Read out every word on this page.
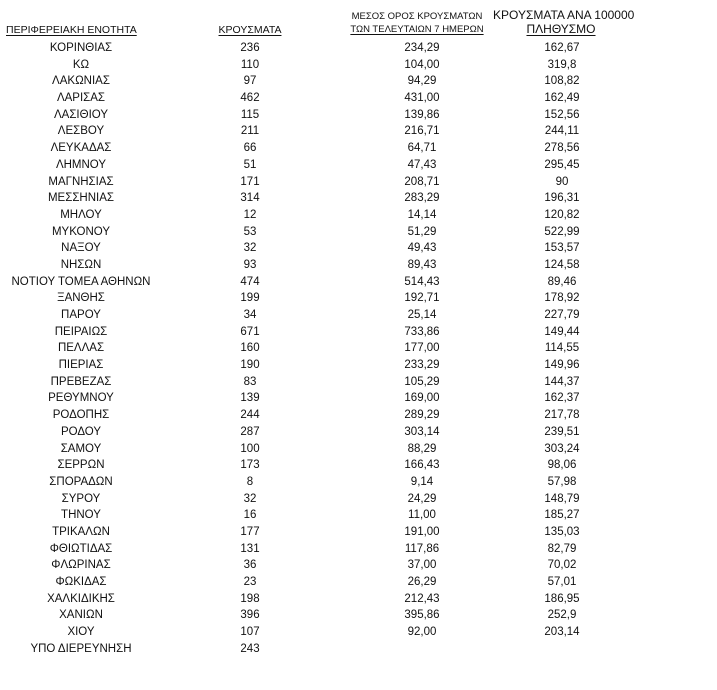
ΠΕΡΙΦΕΡΕΙΑΚΗ ΕΝΟΤΗΤΑ	ΚΡΟΥΣΜΑΤΑ
ΜΕΣΟΣ ΟΡΟΣ ΚΡΟΥΣΜΑΤΩΝ
ΤΩΝ ΤΕΛΕΥΤΑΙΩΝ 7 ΗΜΕΡΩΝ
ΚΡΟΥΣΜΑΤΑ ΑΝΑ 100000
ΠΛΗΘΥΣΜΟ
ΚΟΡΙΝΘΙΑΣ	236	234,29	162,67
ΚΩ	110	104,00	319,8
ΛΑΚΩΝΙΑΣ	97	94,29	108,82
ΛΑΡΙΣΑΣ	462	431,00	162,49
ΛΑΣΙΘΙΟΥ	115	139,86	152,56
ΛΕΣΒΟΥ	211	216,71	244,11
ΛΕΥΚΑΔΑΣ	66	64,71	278,56
ΛΗΜΝΟΥ	51	47,43	295,45
ΜΑΓΝΗΣΙΑΣ	171	208,71	90
ΜΕΣΣΗΝΙΑΣ	314	283,29	196,31
ΜΗΛΟΥ	12	14,14	120,82
ΜΥΚΟΝΟΥ	53	51,29	522,99
ΝΑΞΟΥ	32	49,43	153,57
ΝΗΣΩΝ	93	89,43	124,58
ΝΟΤΙΟΥ ΤΟΜΕΑ ΑΘΗΝΩΝ	474	514,43	89,46
ΞΑΝΘΗΣ	199	192,71	178,92
ΠΑΡΟΥ	34	25,14	227,79
ΠΕΙΡΑΙΩΣ	671	733,86	149,44
ΠΕΛΛΑΣ	160	177,00	114,55
ΠΙΕΡΙΑΣ	190	233,29	149,96
ΠΡΕΒΕΖΑΣ	83	105,29	144,37
ΡΕΘΥΜΝΟΥ	139	169,00	162,37
ΡΟΔΟΠΗΣ	244	289,29	217,78
ΡΟΔΟΥ	287	303,14	239,51
ΣΑΜΟΥ	100	88,29	303,24
ΣΕΡΡΩΝ	173	166,43	98,06
ΣΠΟΡΑΔΩΝ	8	9,14	57,98
ΣΥΡΟΥ	32	24,29	148,79
ΤΗΝΟΥ	16	11,00	185,27
ΤΡΙΚΑΛΩΝ	177	191,00	135,03
ΦΘΙΩΤΙΔΑΣ	131	117,86	82,79
ΦΛΩΡΙΝΑΣ	36	37,00	70,02
ΦΩΚΙΔΑΣ	23	26,29	57,01
ΧΑΛΚΙΔΙΚΗΣ	198	212,43	186,95
ΧΑΝΙΩΝ	396	395,86	252,9
ΧΙΟΥ	107	92,00	203,14
ΥΠΟ ΔΙΕΡΕΥΝΗΣΗ	243
